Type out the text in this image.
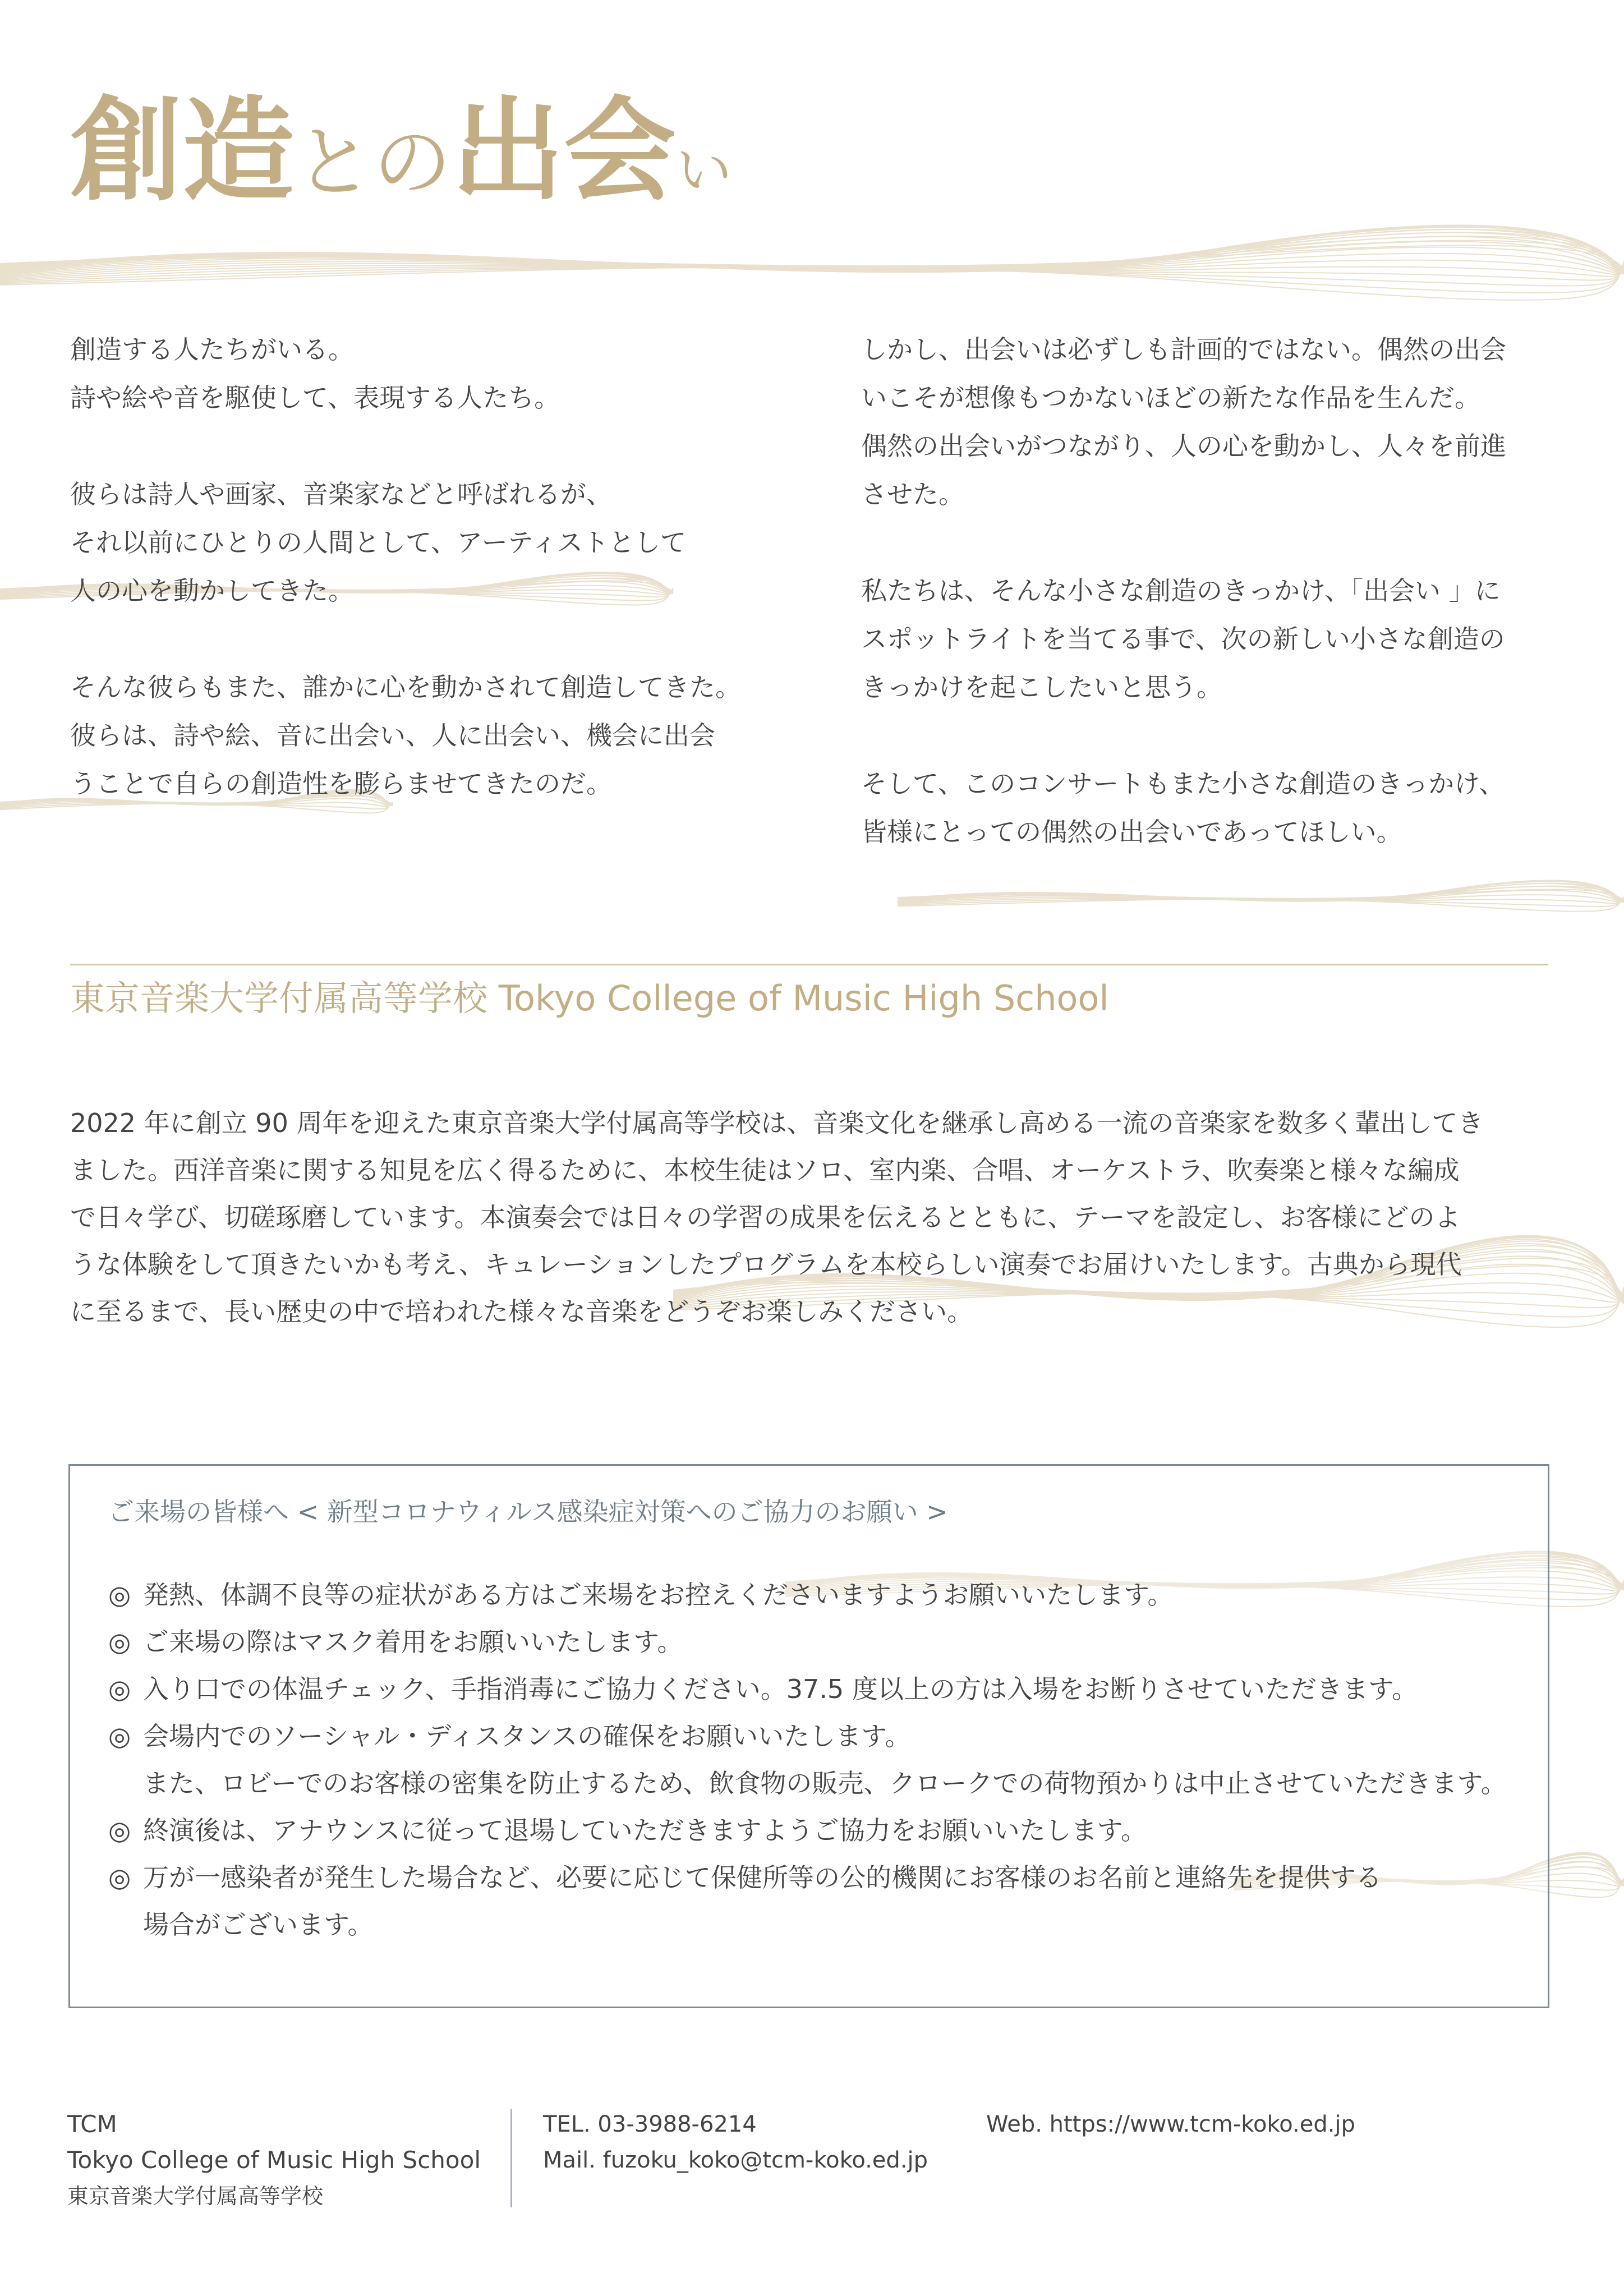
創造との出会い

創造する人たちがいる。
詩や絵や音を駆使して、表現する人たち。

彼らは詩人や画家、音楽家などと呼ばれるが、
それ以前にひとりの人間として、アーティストとして
人の心を動かしてきた。

そんな彼らもまた、誰かに心を動かされて創造してきた。
彼らは、詩や絵、音に出会い、人に出会い、機会に出会
うことで自らの創造性を膨らませてきたのだ。

しかし、出会いは必ずしも計画的ではない。偶然の出会
いこそが想像もつかないほどの新たな作品を生んだ。
偶然の出会いがつながり、人の心を動かし、人々を前進
させた。

私たちは、そんな小さな創造のきっかけ、「出会い 」に
スポットライトを当てる事で、次の新しい小さな創造の
きっかけを起こしたいと思う。

そして、このコンサートもまた小さな創造のきっかけ、
皆様にとっての偶然の出会いであってほしい。

東京音楽大学付属高等学校 Tokyo College of Music High School

2022 年に創立 90 周年を迎えた東京音楽大学付属高等学校は、音楽文化を継承し高める一流の音楽家を数多く輩出してき
ました。西洋音楽に関する知見を広く得るために、本校生徒はソロ、室内楽、合唱、オーケストラ、吹奏楽と様々な編成
で日々学び、切磋琢磨しています。本演奏会では日々の学習の成果を伝えるとともに、テーマを設定し、お客様にどのよ
うな体験をして頂きたいかも考え、キュレーションしたプログラムを本校らしい演奏でお届けいたします。古典から現代
に至るまで、長い歴史の中で培われた様々な音楽をどうぞお楽しみください。

ご来場の皆様へ < 新型コロナウィルス感染症対策へのご協力のお願い >
◎ 発熱、体調不良等の症状がある方はご来場をお控えくださいますようお願いいたします。
◎ ご来場の際はマスク着用をお願いいたします。
◎ 入り口での体温チェック、手指消毒にご協力ください。37.5 度以上の方は入場をお断りさせていただきます。
◎ 会場内でのソーシャル・ディスタンスの確保をお願いいたします。
また、ロビーでのお客様の密集を防止するため、飲食物の販売、クロークでの荷物預かりは中止させていただきます。
◎ 終演後は、アナウンスに従って退場していただきますようご協力をお願いいたします。
◎ 万が一感染者が発生した場合など、必要に応じて保健所等の公的機関にお客様のお名前と連絡先を提供する
場合がございます。
TCM
Tokyo College of Music High School
東京音楽大学付属高等学校
TEL. 03-3988-6214
Mail. fuzoku_koko@tcm-koko.ed.jp
Web. https://www.tcm-koko.ed.jp
